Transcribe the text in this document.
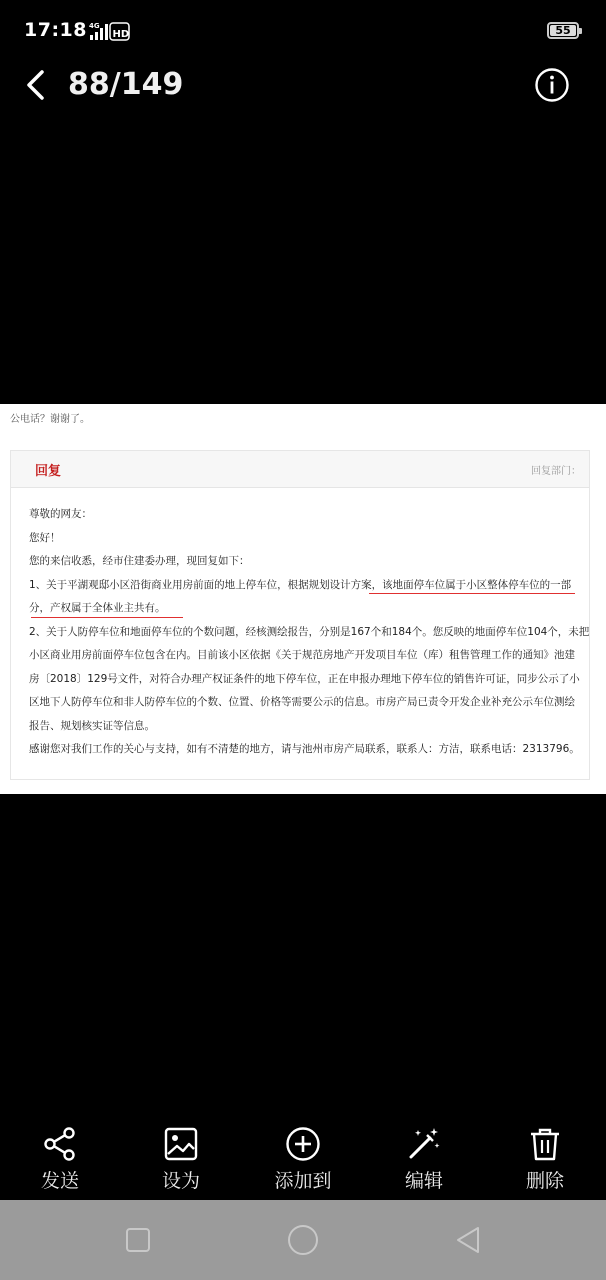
17:18 4G
HD	55
88/149
公电话？谢谢了。
回复	回复部门：
尊敬的网友：
您好！
您的来信收悉，经市住建委办理，现回复如下：
1、关于平湖观邸小区沿街商业用房前面的地上停车位，根据规划设计方案，该地面停车位属于小区整体停车位的一部
分，产权属于全体业主共有。
2、关于人防停车位和地面停车位的个数问题，经核测绘报告，分别是167个和184个。您反映的地面停车位104个，未把
小区商业用房前面停车位包含在内。目前该小区依据《关于规范房地产开发项目车位（库）租售管理工作的通知》池建
房〔2018〕129号文件，对符合办理产权证条件的地下停车位，正在申报办理地下停车位的销售许可证，同步公示了小
区地下人防停车位和非人防停车位的个数、位置、价格等需要公示的信息。市房产局已责令开发企业补充公示车位测绘
报告、规划核实证等信息。
感谢您对我们工作的关心与支持，如有不清楚的地方，请与池州市房产局联系，联系人：方洁，联系电话：2313796。
发送	设为	添加到	编辑	删除
